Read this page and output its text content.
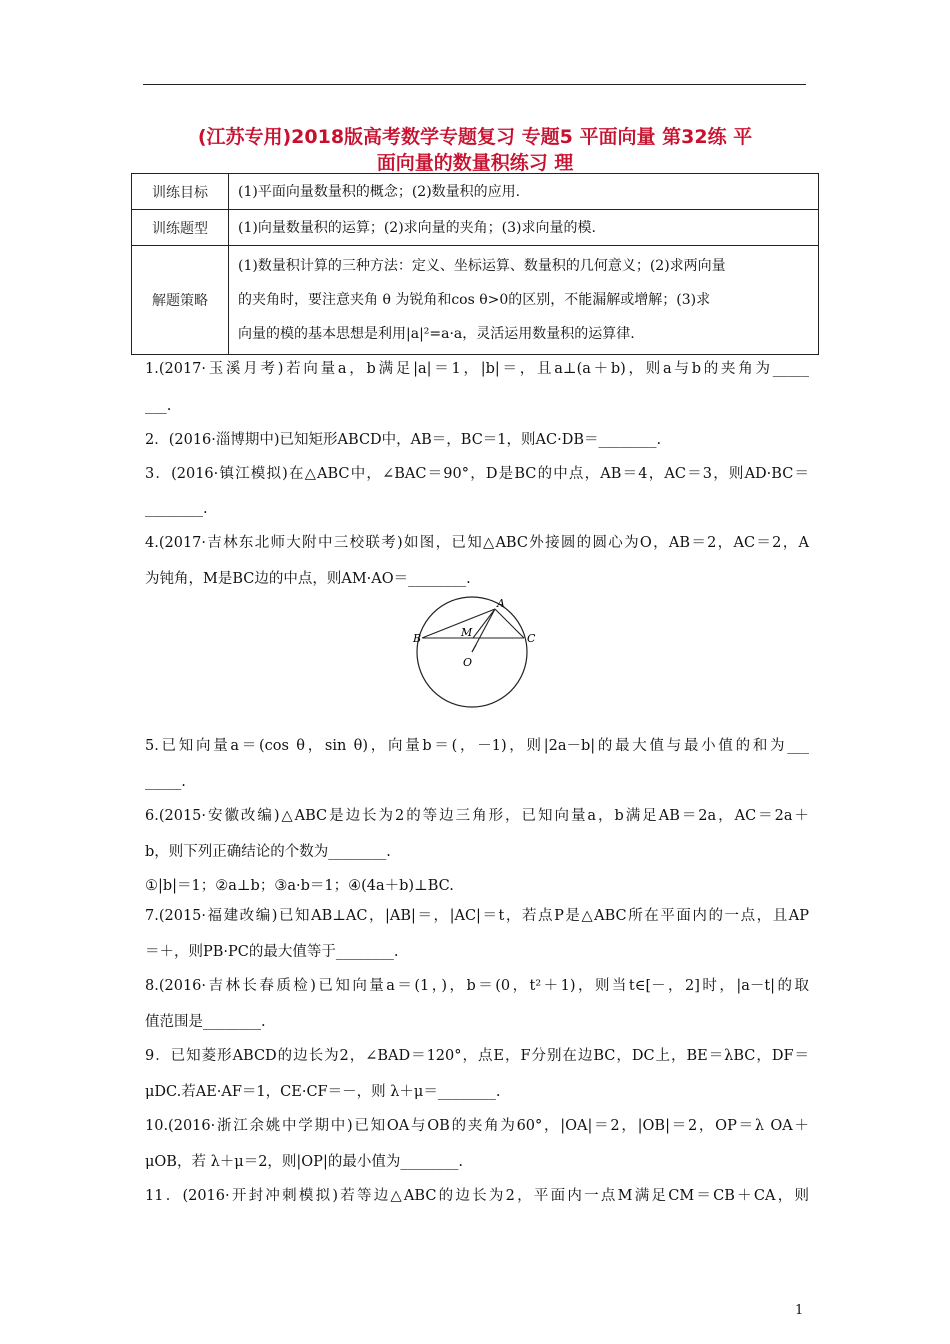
(江苏专用)2018版高考数学专题复习 专题5 平面向量 第32练 平
面向量的数量积练习 理
训练目标	(1)平面向量数量积的概念；(2)数量积的应用.
训练题型	(1)向量数量积的运算；(2)求向量的夹角；(3)求向量的模.
解题策略	(1)数量积计算的三种方法：定义、坐标运算、数量积的几何意义；(2)求两向量
的夹角时，要注意夹角 θ 为锐角和cos θ>0的区别，不能漏解或增解；(3)求
向量的模的基本思想是利用|a|²=a·a，灵活运用数量积的运算律.
1.(2017·玉溪月考)若向量a，b满足|a|＝1，|b|＝，且a⊥(a＋b)，则a与b的夹角为_____
___.
2．(2016·淄博期中)已知矩形ABCD中，AB＝，BC＝1，则AC·DB＝________.
3．(2016·镇江模拟)在△ABC中，∠BAC＝90°，D是BC的中点，AB＝4，AC＝3，则AD·BC＝
________.
4.(2017·吉林东北师大附中三校联考)如图，已知△ABC外接圆的圆心为O，AB＝2，AC＝2，A
为钝角，M是BC边的中点，则AM·AO＝________.
5.已知向量a＝(cos θ，sin θ)，向量b＝(，－1)，则|2a－b|的最大值与最小值的和为___
_____.
6.(2015·安徽改编)△ABC是边长为2的等边三角形，已知向量a，b满足AB＝2a，AC＝2a＋
b，则下列正确结论的个数为________.
①|b|＝1；②a⊥b；③a·b＝1；④(4a＋b)⊥BC.
7.(2015·福建改编)已知AB⊥AC，|AB|＝，|AC|＝t，若点P是△ABC所在平面内的一点，且AP
＝＋，则PB·PC的最大值等于________.
8.(2016·吉林长春质检)已知向量a＝(1，)，b＝(0，t²＋1)，则当t∈[－，2]时，|a－t|的取
值范围是________.
9．已知菱形ABCD的边长为2，∠BAD＝120°，点E，F分别在边BC，DC上，BE＝λBC，DF＝
μDC.若AE·AF＝1，CE·CF＝－，则 λ＋μ＝________.
10.(2016·浙江余姚中学期中)已知OA与OB的夹角为60°，|OA|＝2，|OB|＝2，OP＝λ OA＋
μOB，若 λ＋μ＝2，则|OP|的最小值为________.
11．(2016·开封冲刺模拟)若等边△ABC的边长为2，平面内一点M满足CM＝CB＋CA，则
A
B	C
M
O
1
